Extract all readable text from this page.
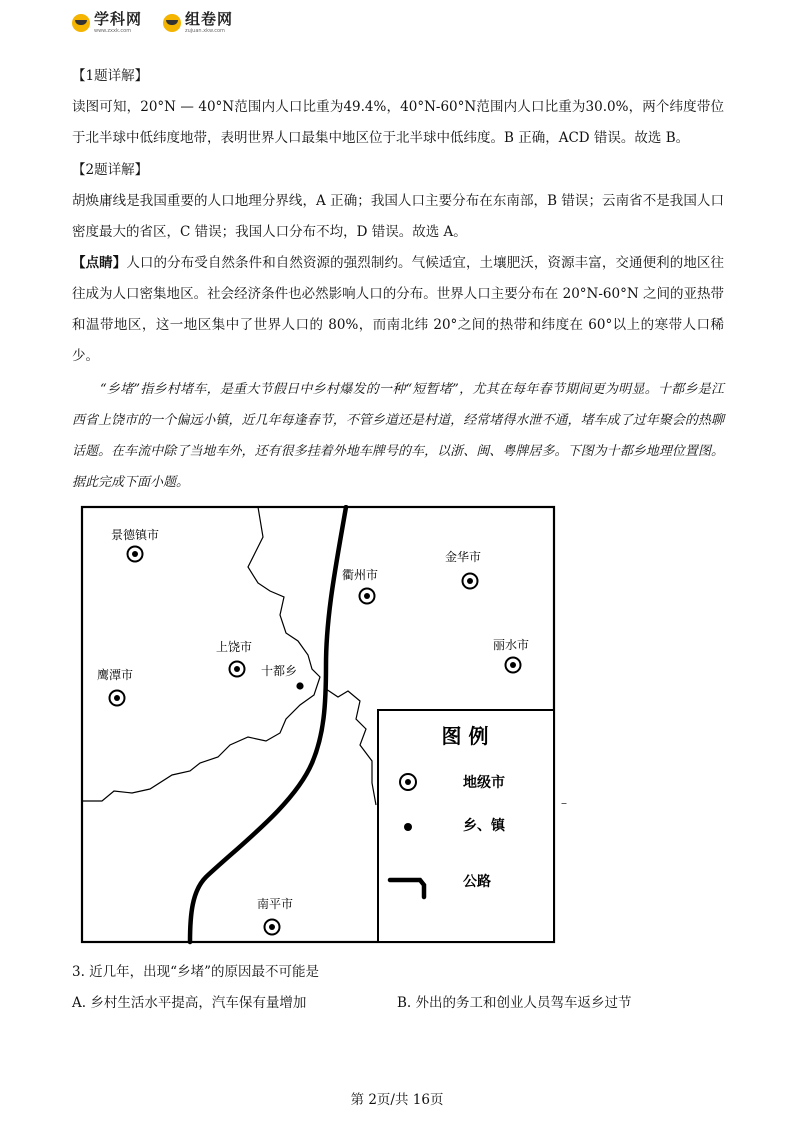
学科网
www.zxxk.com
组卷网
zujuan.xkw.com
【1题详解】
读图可知，20°N — 40°N范围内人口比重为49.4%，40°N-60°N范围内人口比重为30.0%，两个纬度带位于北半球中低纬度地带，表明世界人口最集中地区位于北半球中低纬度。B 正确，ACD 错误。故选 B。
【2题详解】
胡焕庸线是我国重要的人口地理分界线，A 正确；我国人口主要分布在东南部，B 错误；云南省不是我国人口密度最大的省区，C 错误；我国人口分布不均，D 错误。故选 A。
【点睛】人口的分布受自然条件和自然资源的强烈制约。气候适宜，土壤肥沃，资源丰富，交通便利的地区往往成为人口密集地区。社会经济条件也必然影响人口的分布。世界人口主要分布在 20°N-60°N 之间的亚热带和温带地区，这一地区集中了世界人口的 80%，而南北纬 20°之间的热带和纬度在 60°以上的寒带人口稀少。
“乡堵”指乡村堵车，是重大节假日中乡村爆发的一种“短暂堵”，尤其在每年春节期间更为明显。十都乡是江西省上饶市的一个偏远小镇，近几年每逢春节，不管乡道还是村道，经常堵得水泄不通，堵车成了过年聚会的热聊话题。在车流中除了当地车外，还有很多挂着外地车牌号的车，以浙、闽、粤牌居多。下图为十都乡地理位置图。据此完成下面小题。
景德镇市
衢州市
金华市
上饶市	丽水市
十都乡
鹰潭市
南平市
图 例
地级市
乡、镇
公路
–
3. 近几年，出现“乡堵”的原因最不可能是
A. 乡村生活水平提高，汽车保有量增加	B. 外出的务工和创业人员驾车返乡过节
第 2页/共 16页
